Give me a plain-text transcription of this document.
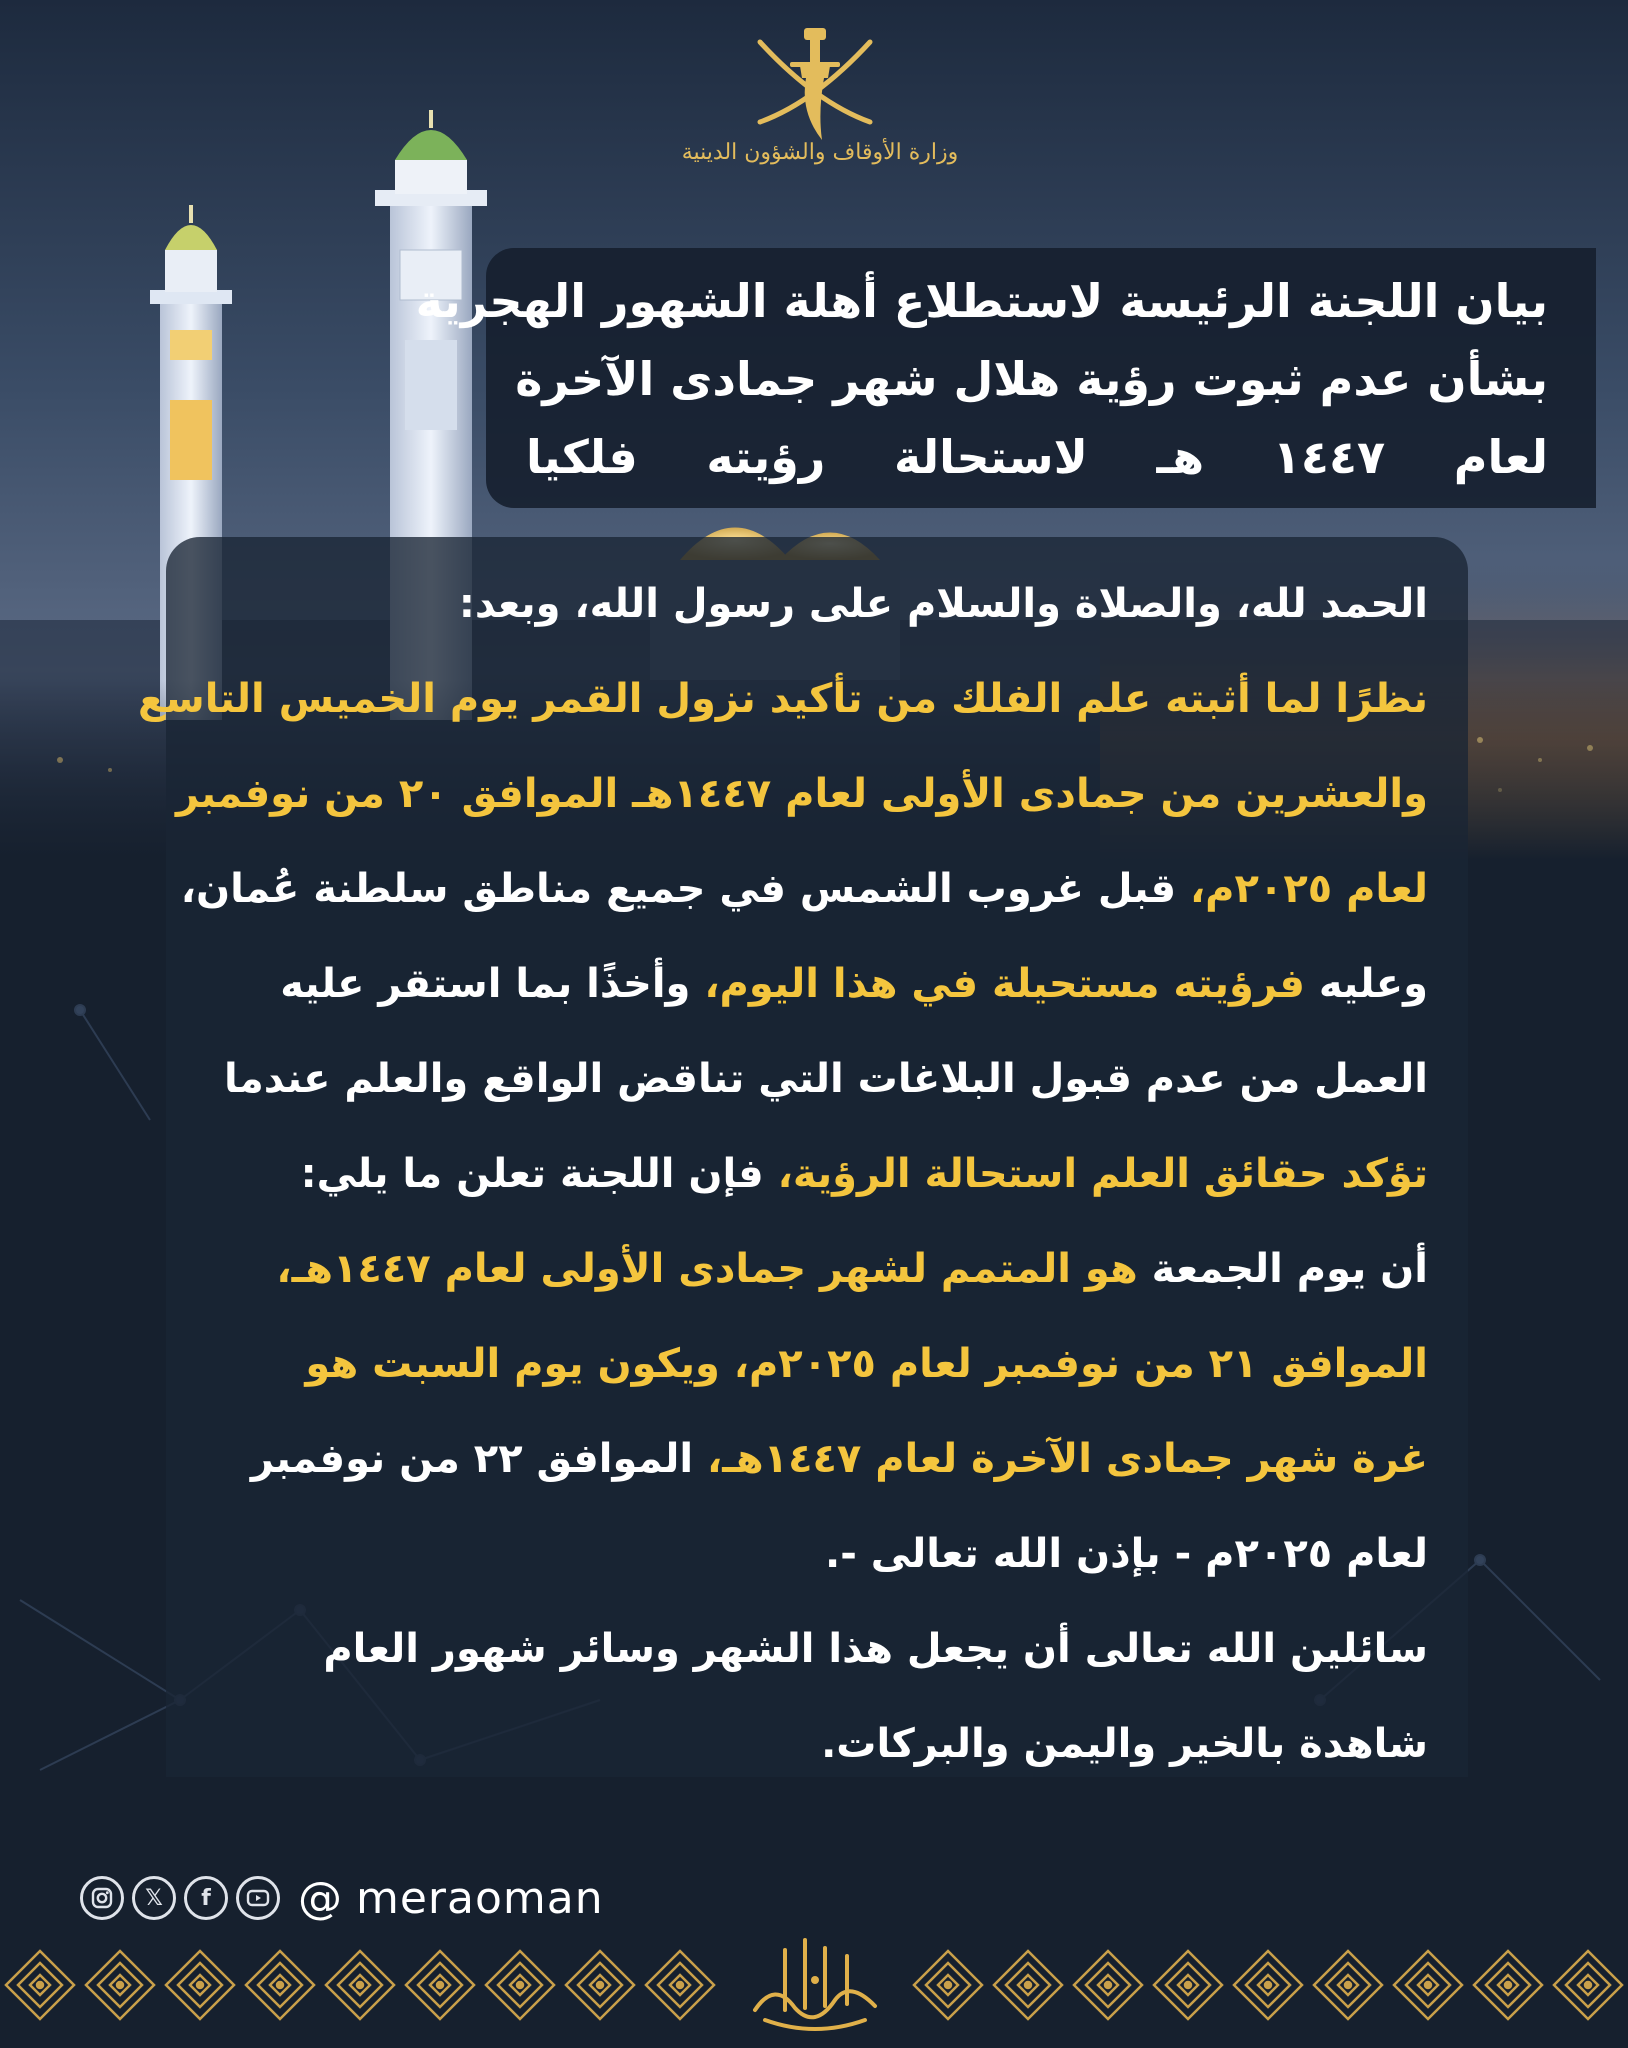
وزارة الأوقاف والشؤون الدينية
بيان اللجنة الرئيسة لاستطلاع أهلة الشهور الهجرية
بشأن عدم ثبوت رؤية هلال شهر جمادى الآخرة
لعام ١٤٤٧ هـ لاستحالة رؤيته فلكيا
الحمد لله، والصلاة والسلام على رسول الله، وبعد:
نظرًا لما أثبته علم الفلك من تأكيد نزول القمر يوم الخميس التاسع
والعشرين من جمادى الأولى لعام ١٤٤٧هـ الموافق ٢٠ من نوفمبر
لعام ٢٠٢٥م، قبل غروب الشمس في جميع مناطق سلطنة عُمان،
وعليه فرؤيته مستحيلة في هذا اليوم، وأخذًا بما استقر عليه
العمل من عدم قبول البلاغات التي تناقض الواقع والعلم عندما
تؤكد حقائق العلم استحالة الرؤية، فإن اللجنة تعلن ما يلي:
أن يوم الجمعة هو المتمم لشهر جمادى الأولى لعام ١٤٤٧هـ،
الموافق ٢١ من نوفمبر لعام ٢٠٢٥م، ويكون يوم السبت هو
غرة شهر جمادى الآخرة لعام ١٤٤٧هـ، الموافق ٢٢ من نوفمبر
لعام ٢٠٢٥م - بإذن الله تعالى -.
سائلين الله تعالى أن يجعل هذا الشهر وسائر شهور العام
شاهدة بالخير واليمن والبركات.
𝕏	f	@ meraoman
